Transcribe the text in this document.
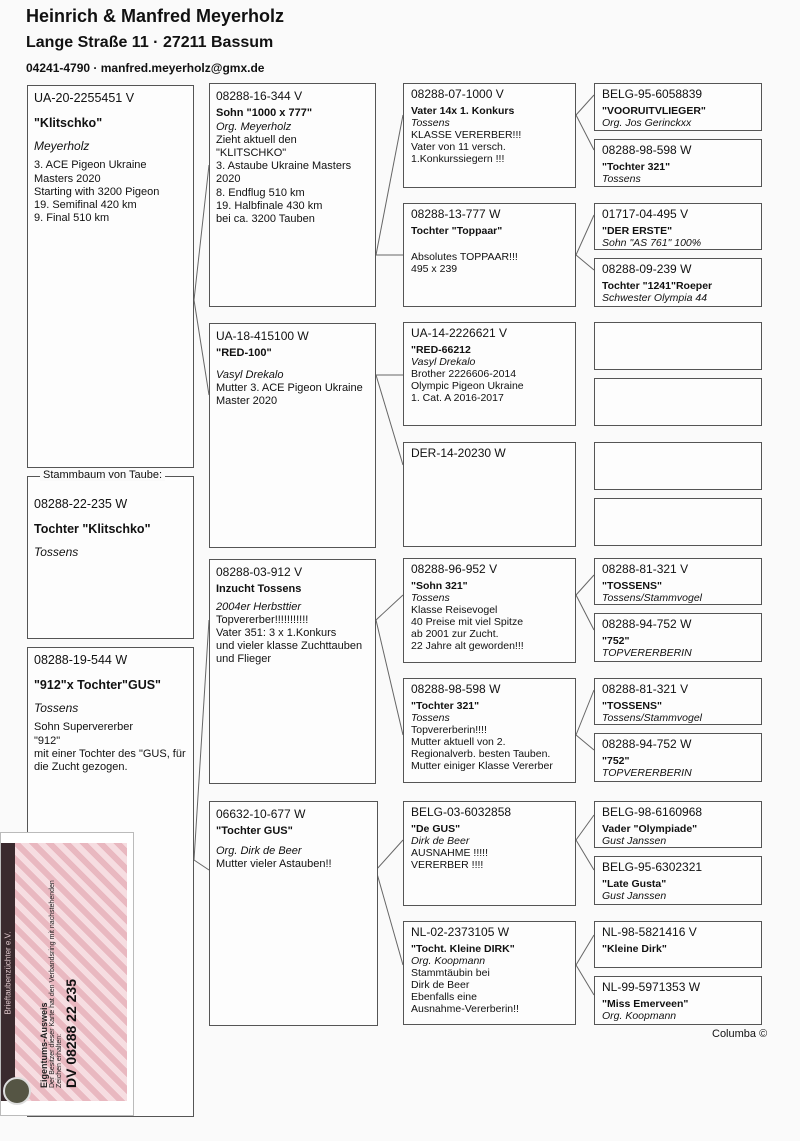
Heinrich & Manfred Meyerholz
Lange Straße 11 · 27211 Bassum
04241-4790 · manfred.meyerholz@gmx.de
UA-20-2255451 V
"Klitschko"
Meyerholz
3. ACE Pigeon Ukraine Masters 2020
Starting with 3200 Pigeon
19. Semifinal 420 km
9. Final 510 km
08288-22-235 W
Tochter "Klitschko"
Tossens
Stammbaum von Taube:
08288-19-544 W
"912"x Tochter"GUS"
Tossens
Sohn Supervererber
"912"
mit einer Tochter des "GUS, für die Zucht gezogen.
08288-16-344 V
Sohn "1000 x 777"
Org. Meyerholz
Zieht aktuell den "KLITSCHKO"
3. Astaube Ukraine Masters 2020
8. Endflug 510 km
19. Halbfinale 430 km
bei ca. 3200 Tauben
UA-18-415100 W
"RED-100"
Vasyl Drekalo
Mutter 3. ACE Pigeon Ukraine Master 2020
08288-03-912 V
Inzucht Tossens
2004er Herbsttier
Topvererber!!!!!!!!!!!
Vater 351: 3 x 1.Konkurs
und vieler klasse Zuchttauben und Flieger
06632-10-677 W
"Tochter GUS"
Org. Dirk de Beer
Mutter vieler Astauben!!
08288-07-1000 V
Vater 14x 1. Konkurs
Tossens
KLASSE VERERBER!!!
Vater von 11 versch.
1.Konkurssiegern !!!
08288-13-777 W
Tochter "Toppaar"
Absolutes TOPPAAR!!!
495 x 239
UA-14-2226621 V
"RED-66212
Vasyl Drekalo
Brother 2226606-2014
Olympic Pigeon Ukraine
1. Cat. A 2016-2017
DER-14-20230 W
08288-96-952 V
"Sohn 321"
Tossens
Klasse Reisevogel
40 Preise mit viel Spitze
ab 2001 zur Zucht.
22 Jahre alt geworden!!!
08288-98-598 W
"Tochter 321"
Tossens
Topvererberin!!!!
Mutter aktuell von 2.
Regionalverb. besten Tauben.
Mutter einiger Klasse Vererber
BELG-03-6032858
"De GUS"
Dirk de Beer
AUSNAHME !!!!!
VERERBER !!!!
NL-02-2373105 W
"Tocht. Kleine DIRK"
Org. Koopmann
Stammtäubin bei
Dirk de Beer
Ebenfalls eine
Ausnahme-Vererberin!!
BELG-95-6058839
"VOORUITVLIEGER"
Org. Jos Gerinckxx
08288-98-598 W
"Tochter 321"
Tossens
01717-04-495 V
"DER ERSTE"
Sohn "AS 761" 100%
08288-09-239 W
Tochter "1241"Roeper
Schwester Olympia 44
08288-81-321 V
"TOSSENS"
Tossens/Stammvogel
08288-94-752 W
"752"
TOPVERERBERIN
08288-81-321 V
"TOSSENS"
Tossens/Stammvogel
08288-94-752 W
"752"
TOPVERERBERIN
BELG-98-6160968
Vader "Olympiade"
Gust Janssen
BELG-95-6302321
"Late Gusta"
Gust Janssen
NL-98-5821416 V
"Kleine Dirk"
NL-99-5971353 W
"Miss Emerveen"
Org. Koopmann
Columba ©
Brieftaubenzüchter e.V.
Eigentums-Ausweis Der Besitzer dieser Karte hat den Verbandsring mit nachstehenden Zeichen erhalten: DV 08288 22 235
